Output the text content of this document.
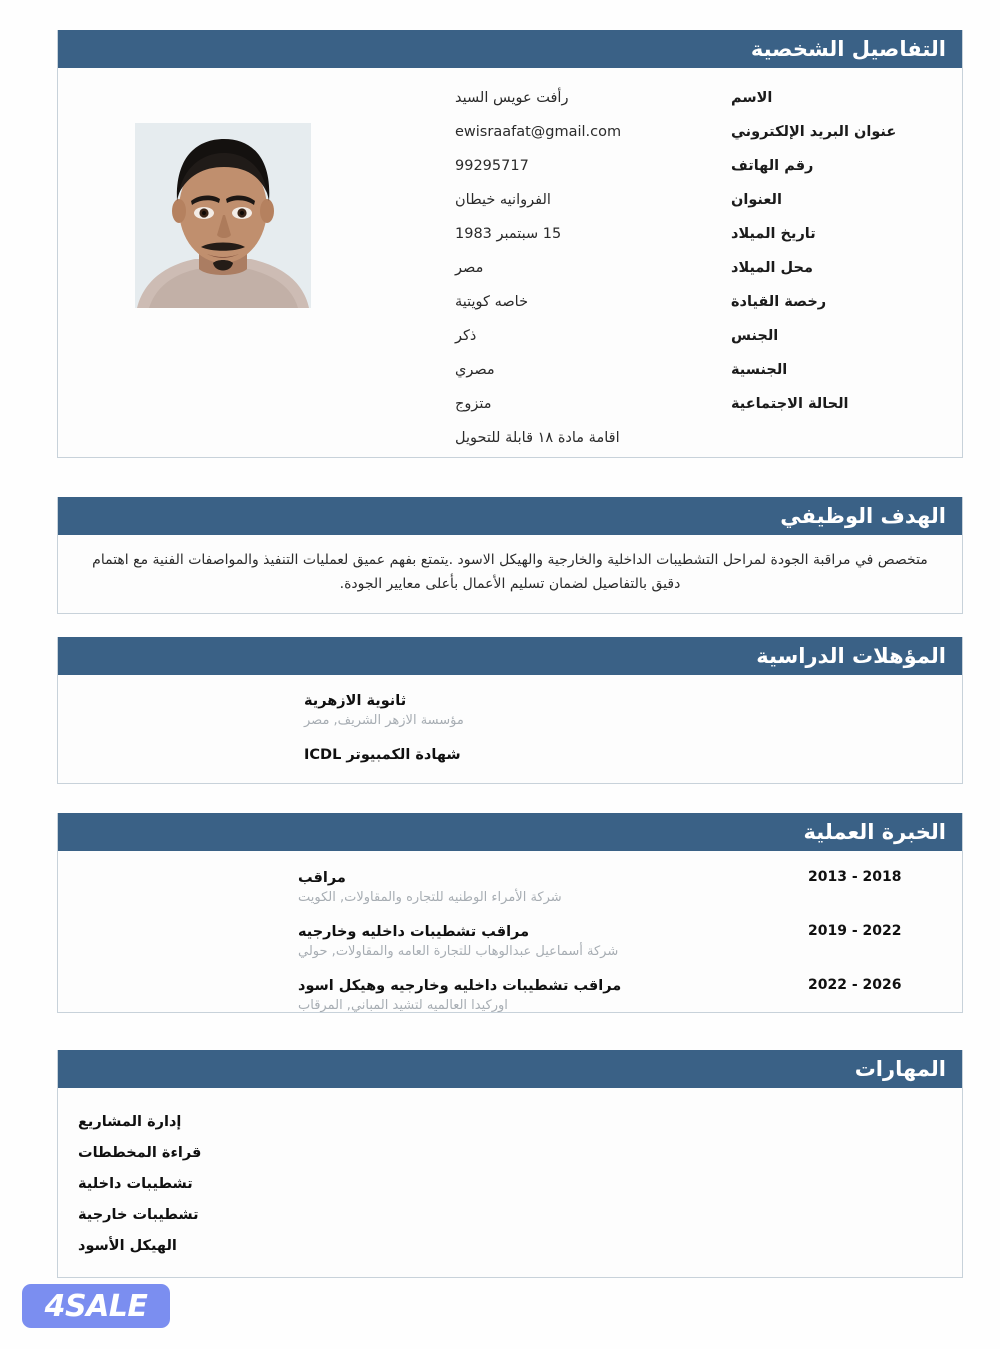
التفاصيل الشخصية
الاسم
رأفت عويس السيد
عنوان البريد الإلكتروني
ewisraafat@gmail.com
رقم الهاتف
99295717
العنوان
الفروانيه خيطان
تاريخ الميلاد
15 سبتمبر 1983
محل الميلاد
مصر
رخصة القيادة
خاصه كويتية
الجنس
ذكر
الجنسية
مصري
الحالة الاجتماعية
متزوج
اقامة مادة ١٨ قابلة للتحويل
الهدف الوظيفي

متخصص في مراقبة الجودة لمراحل التشطيبات الداخلية والخارجية والهيكل الاسود .يتمتع بفهم عميق لعمليات التنفيذ والمواصفات الفنية مع اهتمام دقيق بالتفاصيل لضمان تسليم الأعمال بأعلى معايير الجودة.

المؤهلات الدراسية
ثانوية الازهرية
مؤسسة الازهر الشريف, مصر
شهادة الكمبيوتر ICDL
الخبرة العملية
2018 - 2013
مراقب
شركة الأمراء الوطنيه للتجاره والمقاولات, الكويت
2022 - 2019
مراقب تشطيبات داخليه وخارجيه
شركة أسماعيل عبدالوهاب للتجارة العامه والمقاولات, حولي
2026 - 2022
مراقب تشطيبات داخليه وخارجيه وهيكل اسود
اوركيدا العالميه لتشيد المباني, المرقاب
المهارات
إدارة المشاريع
قراءة المخططات
تشطيبات داخلية
تشطيبات خارجية
الهيكل الأسود
4SALE
